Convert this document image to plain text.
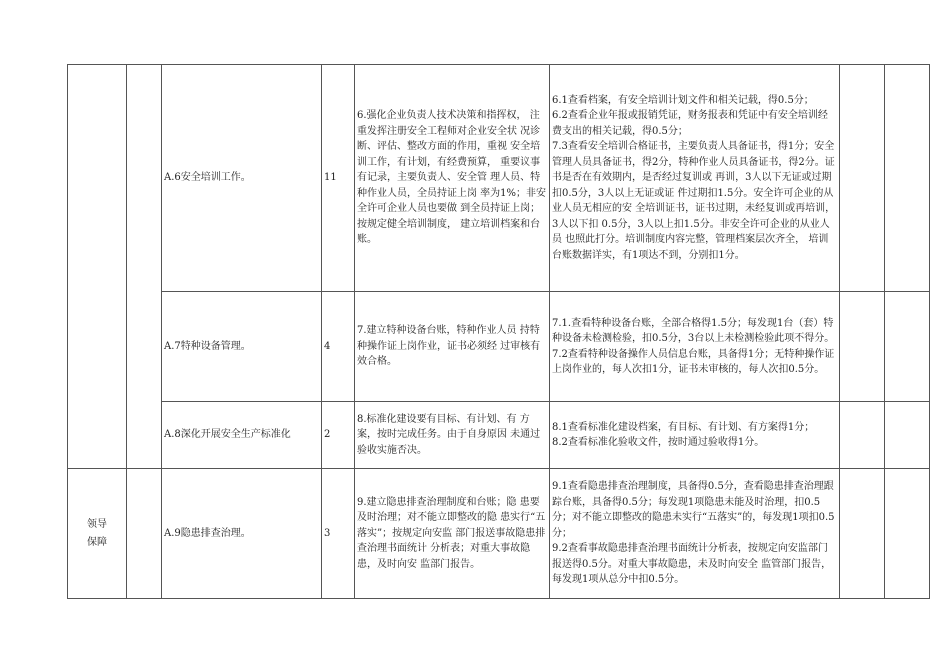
		A.6安全培训工作。	11	6.强化企业负责人技术决策和指挥权， 注重发挥注册安全工程师对企业安全状 况诊断、评估、整改方面的作用，重视 安全培训工作，有计划，有经费预算， 重要议事有记录，主要负责人、安全管 理人员、特种作业人员，全员持证上岗 率为1%；非安全许可企业人员也要做 到全员持证上岗；按规定健全培训制度， 建立培训档案和台账。	6.1查看档案，有安全培训计划文件和相关记载，得0.5分；
6.2查看企业年报或报销凭证，财务报表和凭证中有安全培训经费支出的相关记载，得0.5分；
7.3查看安全培训合格证书，主要负责人具备证书，得1分；安全管理人员具备证书，得2分，特种作业人员具备证书，得2分。证书是否在有效期内，是否经过复训或 再训，3人以下无证或过期扣0.5分，3人以上无证或证 件过期扣1.5分。安全许可企业的从业人员无相应的安 全培训证书，证书过期，未经复训或再培训，3人以下扣 0.5分，3人以上扣1.5分。非安全许可企业的从业人员 也照此打分。培训制度内容完整，管理档案层次齐全， 培训台账数据详实，有1项达不到，分别扣1分。		
		A.7特种设备管理。	4	7.建立特种设备台账，特种作业人员 持特种操作证上岗作业，证书必须经 过审核有效合格。	7.1.查看特种设备台账，全部合格得1.5分；每发现1台（套）特种设备未检测检验，扣0.5分，3台以上未检测检验此项不得分。
7.2查看特种设备操作人员信息台账，具备得1分；无特种操作证上岗作业的，每人次扣1分，证书未审核的，每人次扣0.5分。		
		A.8深化开展安全生产标准化	2	8.标准化建设要有目标、有计划、有 方案，按时完成任务。由于自身原因 未通过验收实施否决。	8.1查看标准化建设档案，有目标、有计划、有方案得1分；
8.2查看标准化验收文件，按时通过验收得1分。		
领导
保障		A.9隐患排查治理。	3	9.建立隐患排查治理制度和台账；隐 患要及时治理；对不能立即整改的隐 患实行“五落实”；按规定向安监 部门报送事故隐患排查治理书面统计 分析表；对重大事故隐患，及时向安 监部门报告。	9.1查看隐患排查治理制度，具备得0.5分，查看隐患排查治理跟踪台账，具备得0.5分；每发现1项隐患未能及时治理，扣0.5分；对不能立即整改的隐患未实行“五落实”的，每发现1项扣0.5分；
9.2查看事故隐患排查治理书面统计分析表，按规定向安监部门报送得0.5分。对重大事故隐患，未及时向安全 监管部门报告，每发现1项从总分中扣0.5分。		
